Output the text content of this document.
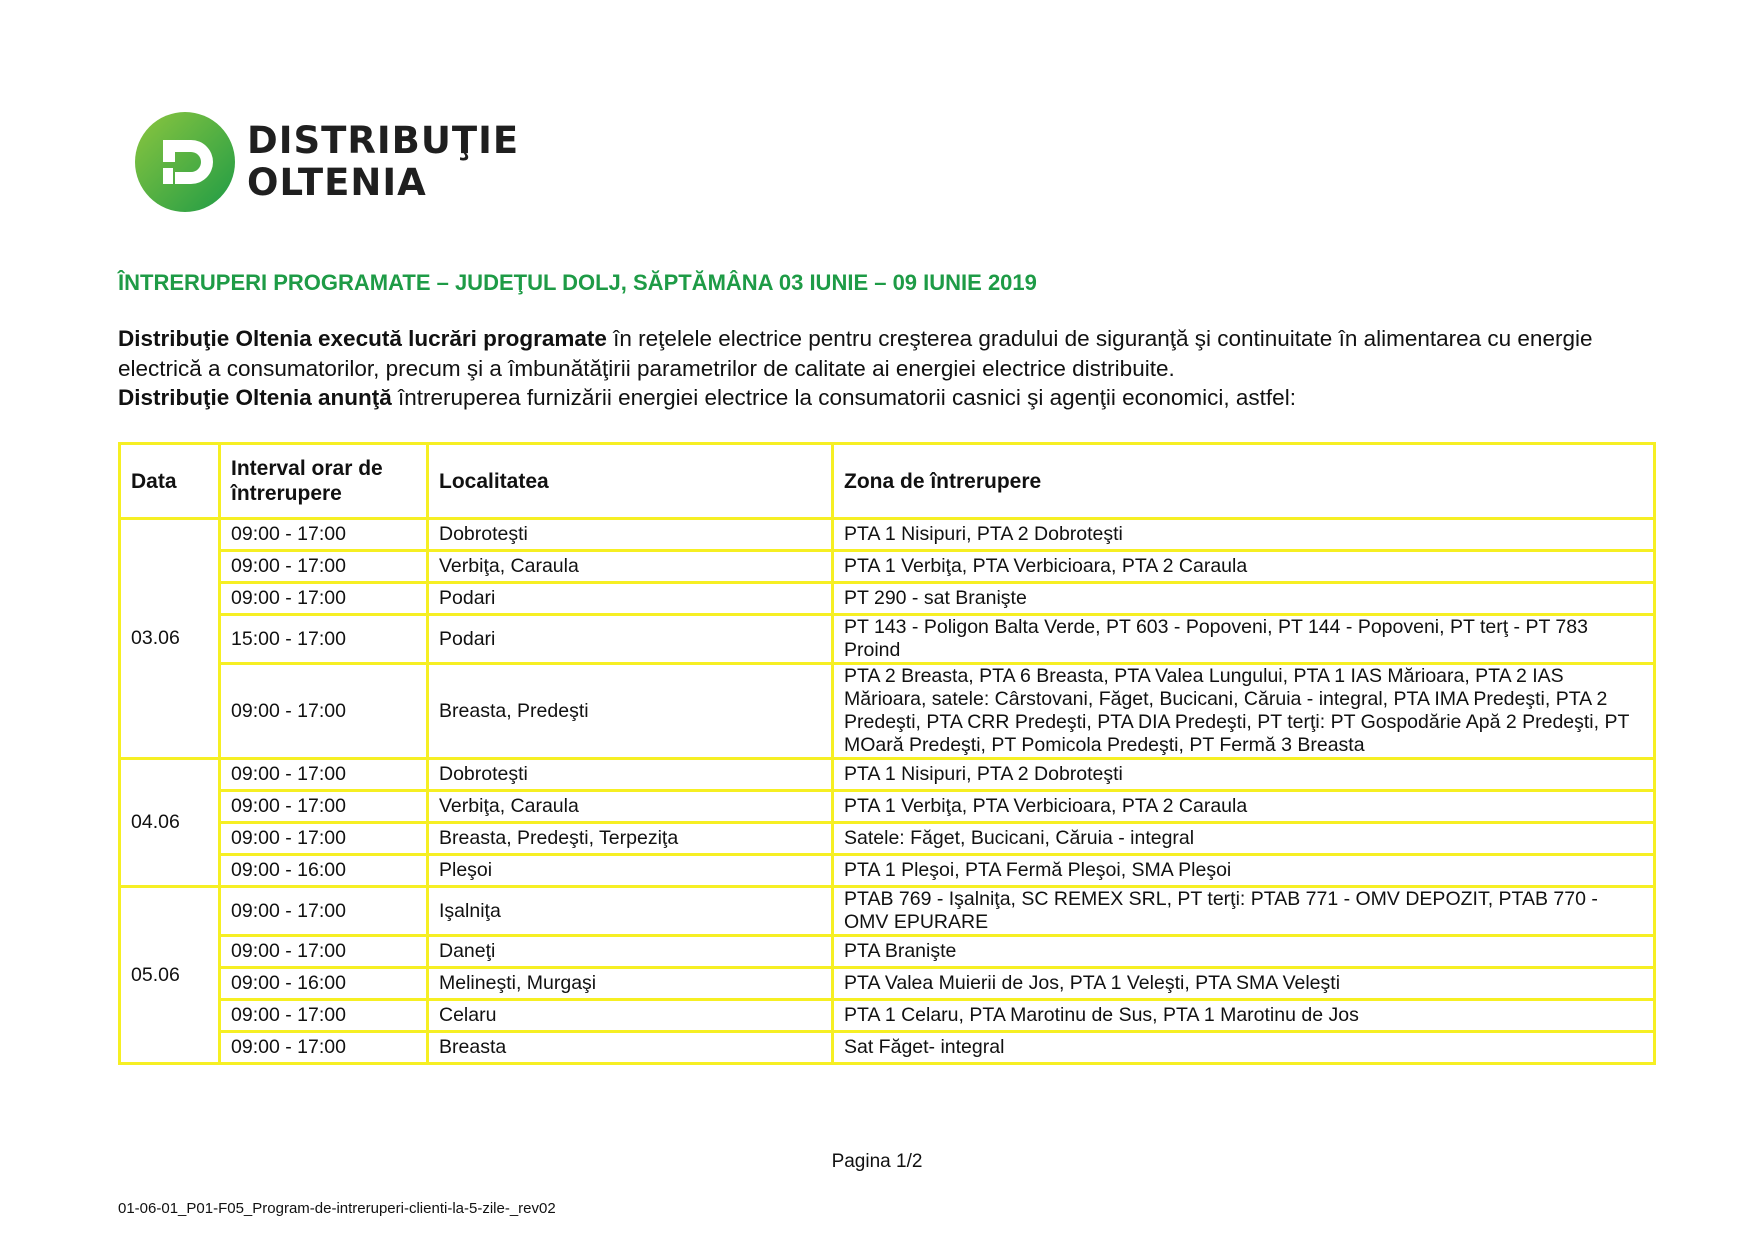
DISTRIBUŢIE
OLTENIA
ÎNTRERUPERI PROGRAMATE – JUDEŢUL DOLJ, SĂPTĂMÂNA 03 IUNIE – 09 IUNIE 2019

Distribuţie Oltenia execută lucrări programate în reţelele electrice pentru creşterea gradului de siguranţă şi continuitate în alimentarea cu energie electrică a consumatorilor, precum şi a îmbunătăţirii parametrilor de calitate ai energiei electrice distribuite.

Distribuţie Oltenia anunţă întreruperea furnizării energiei electrice la consumatorii casnici şi agenţii economici, astfel:

Data	Interval orar de întrerupere	Localitatea	Zona de întrerupere
03.06	09:00 - 17:00	Dobroteşti	PTA 1 Nisipuri, PTA 2 Dobroteşti
	09:00 - 17:00	Verbiţa, Caraula	PTA 1 Verbiţa, PTA Verbicioara, PTA 2 Caraula
	09:00 - 17:00	Podari	PT 290 - sat Branişte
	15:00 - 17:00	Podari	PT 143 - Poligon Balta Verde, PT 603 - Popoveni, PT 144 - Popoveni, PT terţ - PT 783 Proind
	09:00 - 17:00	Breasta, Predeşti	PTA 2 Breasta, PTA 6 Breasta, PTA Valea Lungului, PTA 1 IAS Mărioara, PTA 2 IAS Mărioara, satele: Cârstovani, Făget, Bucicani, Căruia - integral, PTA IMA Predeşti, PTA 2 Predeşti, PTA CRR Predeşti, PTA DIA Predeşti, PT terţi: PT Gospodărie Apă 2 Predeşti, PT MOară Predeşti, PT Pomicola Predeşti, PT Fermă 3 Breasta
04.06	09:00 - 17:00	Dobroteşti	PTA 1 Nisipuri, PTA 2 Dobroteşti
	09:00 - 17:00	Verbiţa, Caraula	PTA 1 Verbiţa, PTA Verbicioara, PTA 2 Caraula
	09:00 - 17:00	Breasta, Predeşti, Terpeziţa	Satele: Făget, Bucicani, Căruia - integral
	09:00 - 16:00	Pleşoi	PTA 1 Pleşoi, PTA Fermă Pleşoi, SMA Pleşoi
05.06	09:00 - 17:00	Işalniţa	PTAB 769 - Işalniţa, SC REMEX SRL, PT terţi: PTAB 771 - OMV DEPOZIT, PTAB 770 - OMV EPURARE
	09:00 - 17:00	Daneţi	PTA Branişte
	09:00 - 16:00	Melineşti, Murgaşi	PTA Valea Muierii de Jos, PTA 1 Veleşti, PTA SMA Veleşti
	09:00 - 17:00	Celaru	PTA 1 Celaru, PTA Marotinu de Sus, PTA 1 Marotinu de Jos
	09:00 - 17:00	Breasta	Sat Făget- integral
Pagina 1/2
01-06-01_P01-F05_Program-de-intreruperi-clienti-la-5-zile-_rev02
